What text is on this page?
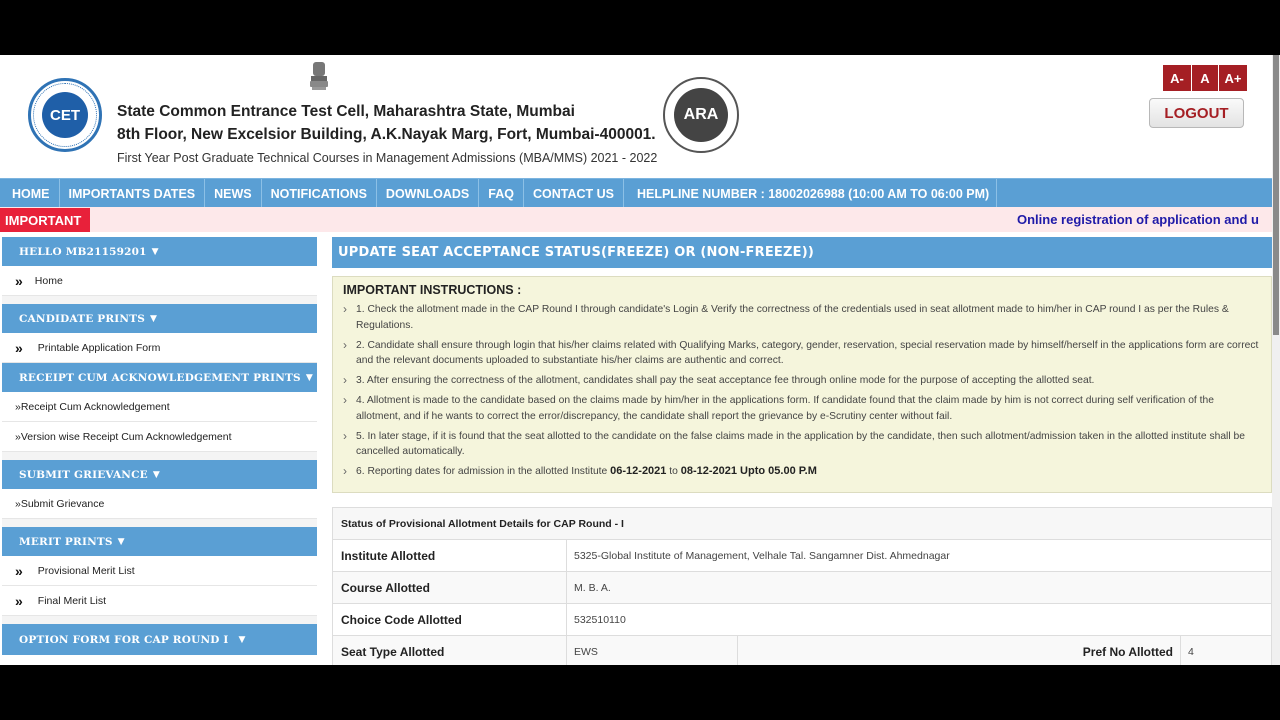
CET	State Common Entrance Test Cell, Maharashtra State, Mumbai
8th Floor, New Excelsior Building, A.K.Nayak Marg, Fort, Mumbai-400001.
First Year Post Graduate Technical Courses in Management Admissions (MBA/MMS) 2021 - 2022
ARA
A-	A	A+
LOGOUT
HOME	IMPORTANTS DATES	NEWS	NOTIFICATIONS	DOWNLOADS	FAQ	CONTACT US	HELPLINE NUMBER : 18002026988 (10:00 AM TO 06:00 PM)
IMPORTANT	Online registration of application and u
HELLO MB21159201 ▼
» Home
CANDIDATE PRINTS ▼
» Printable Application Form
RECEIPT CUM ACKNOWLEDGEMENT PRINTS ▼
»Receipt Cum Acknowledgement
»Version wise Receipt Cum Acknowledgement
SUBMIT GRIEVANCE ▼
»Submit Grievance
MERIT PRINTS ▼
» Provisional Merit List
» Final Merit List
OPTION FORM FOR CAP ROUND I ▼
UPDATE SEAT ACCEPTANCE STATUS(FREEZE) OR (NON-FREEZE))
IMPORTANT INSTRUCTIONS :
› 1. Check the allotment made in the CAP Round I through candidate's Login & Verify the correctness of the credentials used in seat allotment made to him/her in CAP round I as per the Rules & Regulations.
› 2. Candidate shall ensure through login that his/her claims related with Qualifying Marks, category, gender, reservation, special reservation made by himself/herself in the applications form are correct and the relevant documents uploaded to substantiate his/her claims are authentic and correct.
› 3. After ensuring the correctness of the allotment, candidates shall pay the seat acceptance fee through online mode for the purpose of accepting the allotted seat.
› 4. Allotment is made to the candidate based on the claims made by him/her in the applications form. If candidate found that the claim made by him is not correct during self verification of the allotment, and if he wants to correct the error/discrepancy, the candidate shall report the grievance by e-Scrutiny center without fail.
› 5. In later stage, if it is found that the seat allotted to the candidate on the false claims made in the application by the candidate, then such allotment/admission taken in the allotted institute shall be cancelled automatically.
› 6. Reporting dates for admission in the allotted Institute 06-12-2021 to 08-12-2021 Upto 05.00 P.M
Status of Provisional Allotment Details for CAP Round - I
Institute Allotted	5325-Global Institute of Management, Velhale Tal. Sangamner Dist. Ahmednagar
Course Allotted	M. B. A.
Choice Code Allotted	532510110
Seat Type Allotted	EWS	Pref No Allotted	4
